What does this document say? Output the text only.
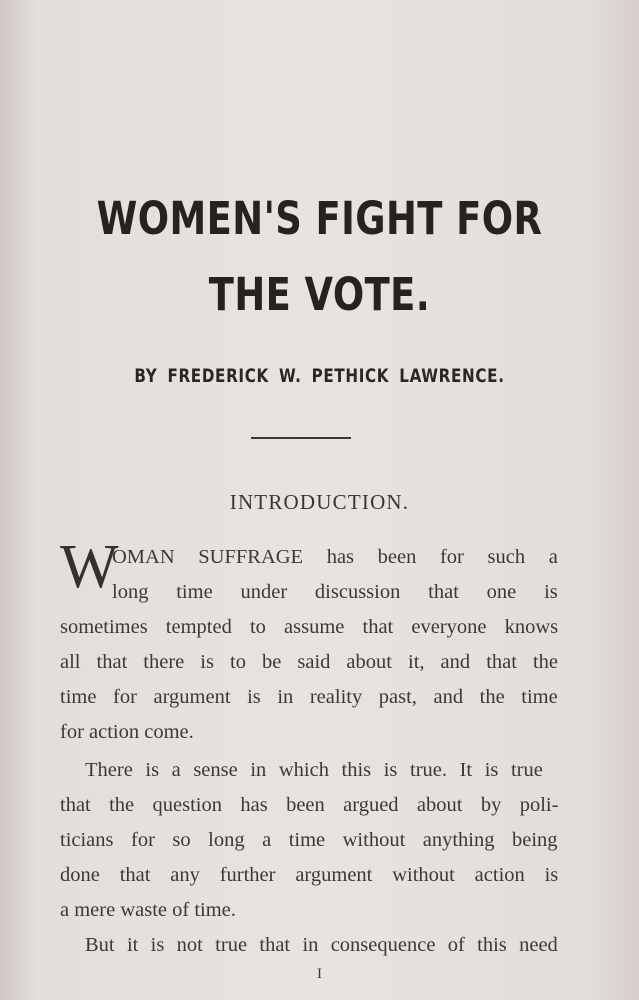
WOMEN'S FIGHT FOR
THE VOTE.
BY FREDERICK W. PETHICK LAWRENCE.
INTRODUCTION.
W
OMAN SUFFRAGE has been for such a
long time under discussion that one is
sometimes tempted to assume that everyone knows
all that there is to be said about it, and that the
time for argument is in reality past, and the time
for action come.
There is a sense in which this is true. It is true
that the question has been argued about by poli-
ticians for so long a time without anything being
done that any further argument without action is
a mere waste of time.
But it is not true that in consequence of this need
I
